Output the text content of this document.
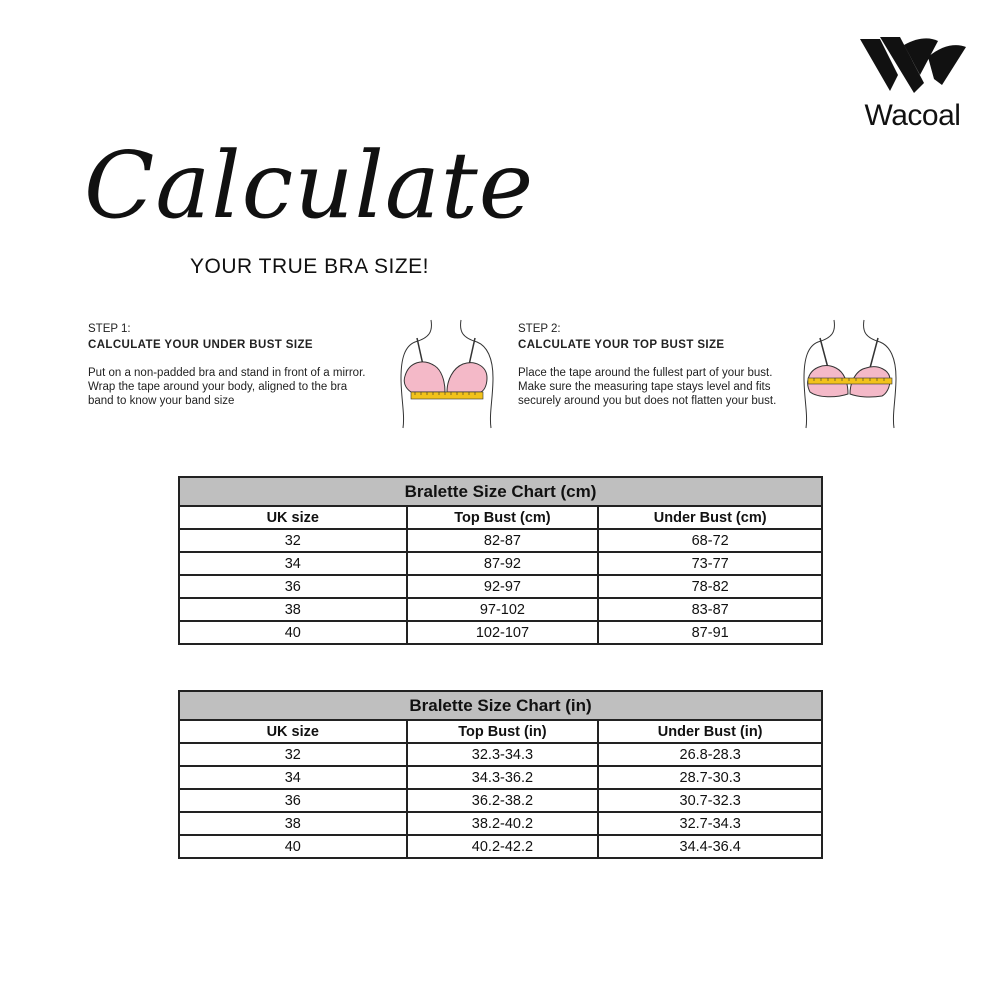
Wacoal
Calculate
YOUR TRUE BRA SIZE!
STEP 1:
CALCULATE YOUR UNDER BUST SIZE
Put on a non-padded bra and stand in front of a mirror. Wrap the tape around your body, aligned to the bra band to know your band size
STEP 2:
CALCULATE YOUR TOP BUST SIZE
Place the tape around the fullest part of your bust. Make sure the measuring tape stays level and fits securely around you but does not flatten your bust.
Bralette Size Chart (cm)		
UK size	Top Bust (cm)	Under Bust (cm)
32	82-87	68-72
34	87-92	73-77
36	92-97	78-82
38	97-102	83-87
40	102-107	87-91
Bralette Size Chart (in)		
UK size	Top Bust (in)	Under Bust (in)
32	32.3-34.3	26.8-28.3
34	34.3-36.2	28.7-30.3
36	36.2-38.2	30.7-32.3
38	38.2-40.2	32.7-34.3
40	40.2-42.2	34.4-36.4
